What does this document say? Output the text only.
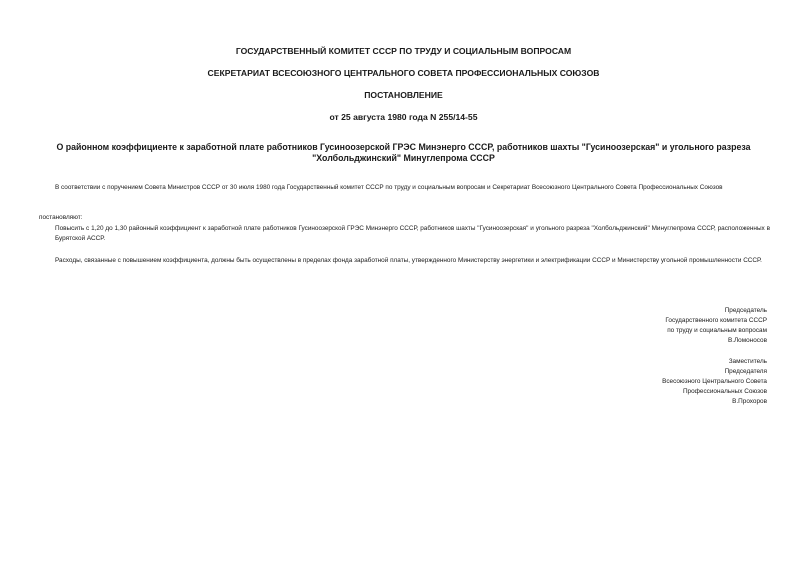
ГОСУДАРСТВЕННЫЙ КОМИТЕТ СССР ПО ТРУДУ И СОЦИАЛЬНЫМ ВОПРОСАМ
СЕКРЕТАРИАТ ВСЕСОЮЗНОГО ЦЕНТРАЛЬНОГО СОВЕТА ПРОФЕССИОНАЛЬНЫХ СОЮЗОВ
ПОСТАНОВЛЕНИЕ
от 25 августа 1980 года N 255/14-55
О районном коэффициенте к заработной плате работников Гусиноозерской ГРЭС Минэнерго СССР, работников шахты "Гусиноозерская" и угольного разреза "Холбольджинский" Минуглепрома СССР
В соответствии с поручением Совета Министров СССР от 30 июля 1980 года Государственный комитет СССР по труду и социальным вопросам и Секретариат Всесоюзного Центрального Совета Профессиональных Союзов
постановляют:
Повысить с 1,20 до 1,30 районный коэффициент к заработной плате работников Гусиноозерской ГРЭС Минэнерго СССР, работников шахты "Гусиноозерская" и угольного разреза "Холбольджинский" Минуглепрома СССР, расположенных в Бурятской АССР.
Расходы, связанные с повышением коэффициента, должны быть осуществлены в пределах фонда заработной платы, утвержденного Министерству энергетики и электрификации СССР и Министерству угольной промышленности СССР.
Председатель
Государственного комитета СССР
по труду и социальным вопросам
В.Ломоносов
Заместитель
Председателя
Всесоюзного Центрального Совета
Профессиональных Союзов
В.Прохоров
